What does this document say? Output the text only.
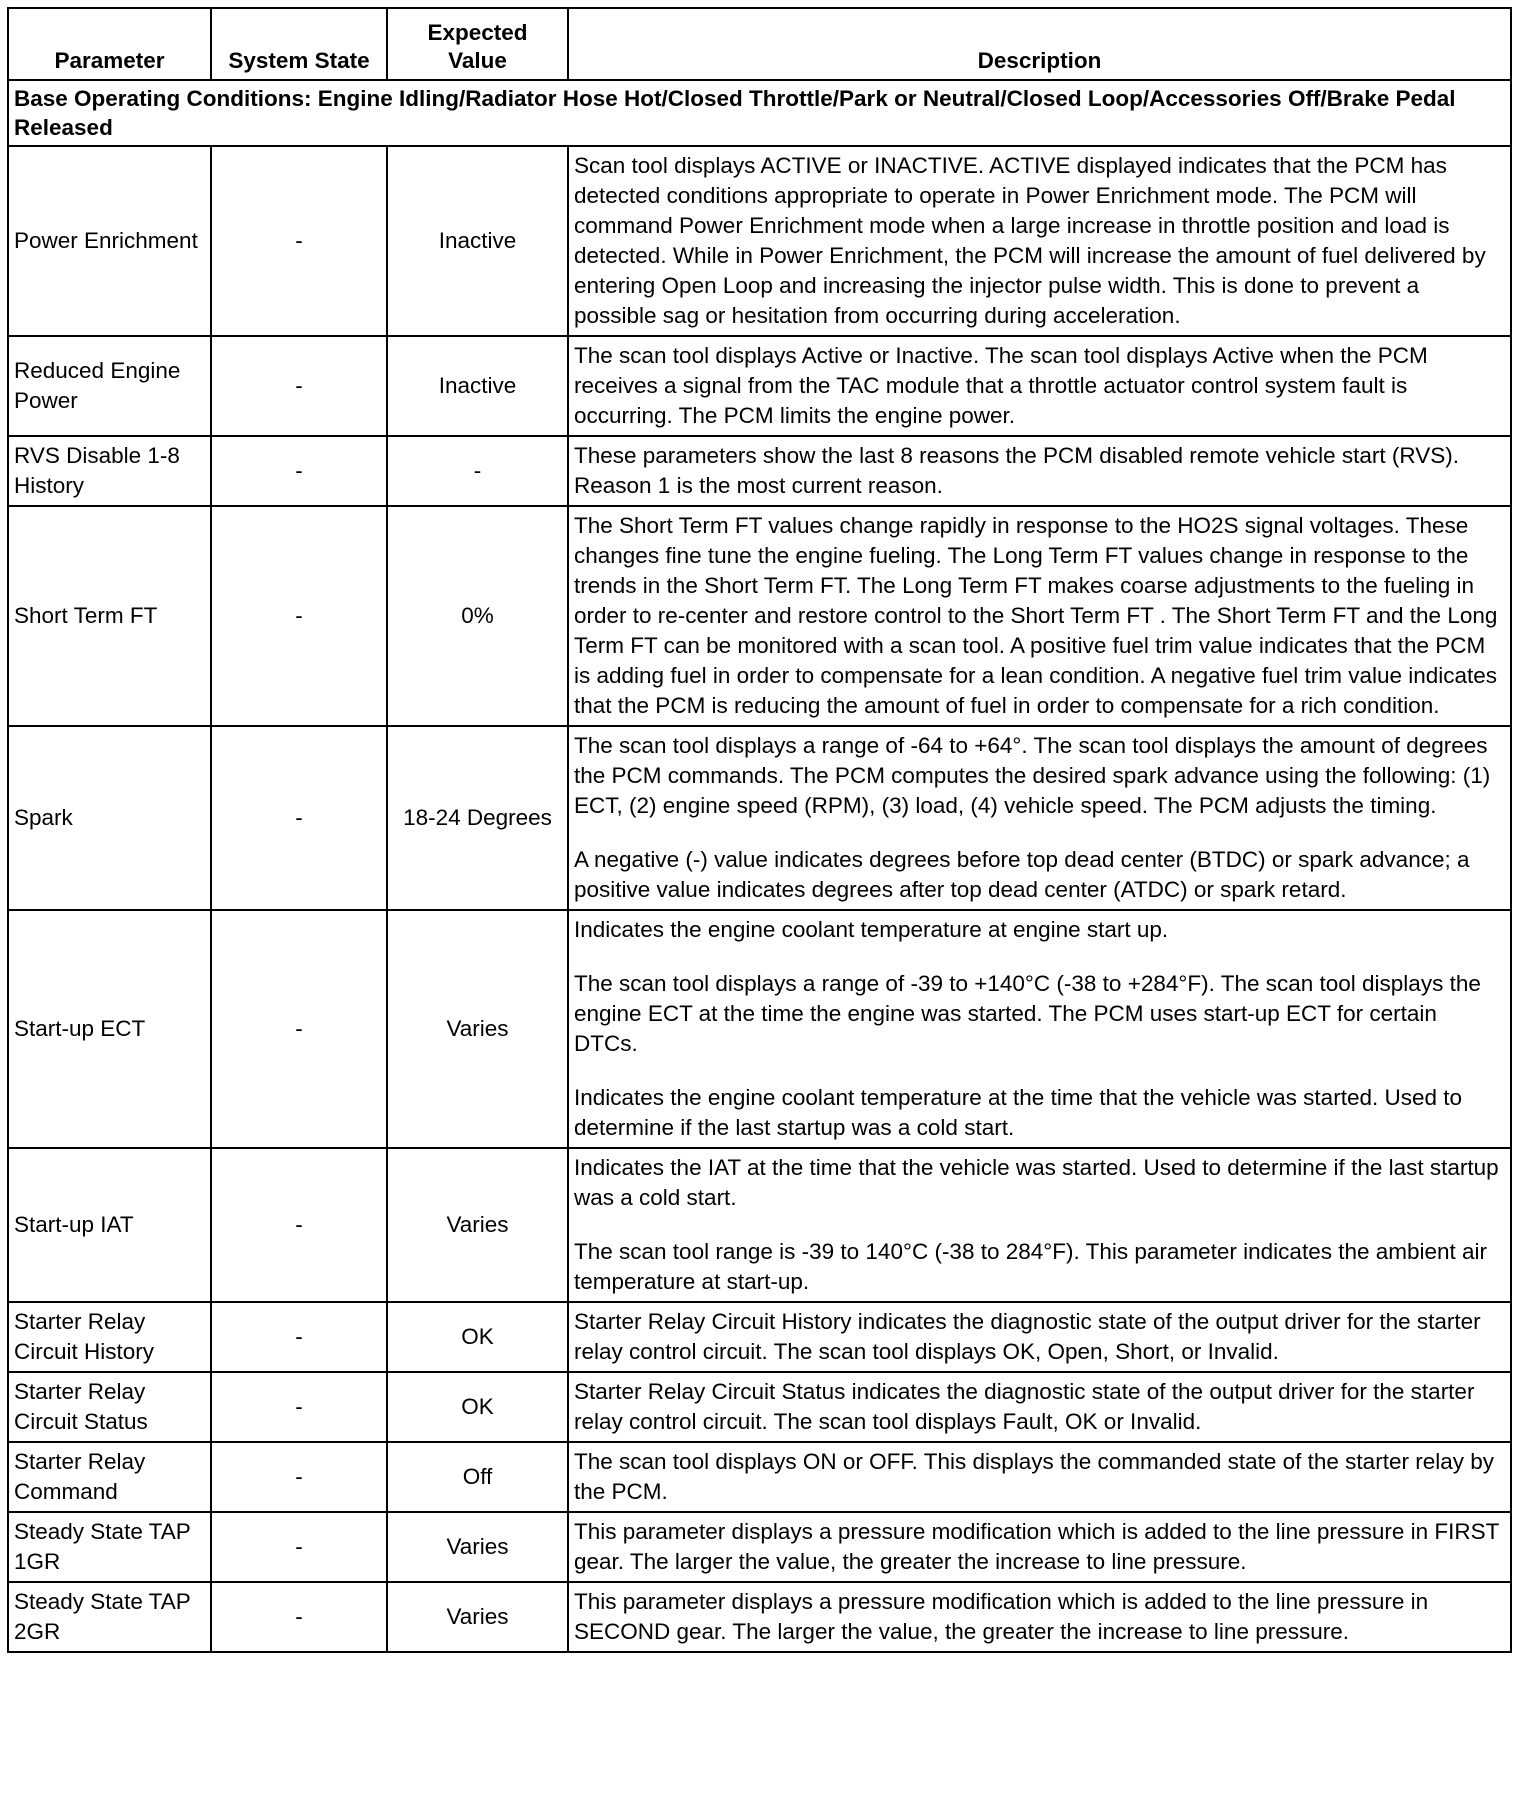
Parameter	System State	Expected Value	Description
Base Operating Conditions: Engine Idling/Radiator Hose Hot/Closed Throttle/Park or Neutral/Closed Loop/Accessories Off/Brake Pedal Released			
Power Enrichment	-	Inactive	Scan tool displays ACTIVE or INACTIVE. ACTIVE displayed indicates that the PCM has detected conditions appropriate to operate in Power Enrichment mode. The PCM will command Power Enrichment mode when a large increase in throttle position and load is detected. While in Power Enrichment, the PCM will increase the amount of fuel delivered by entering Open Loop and increasing the injector pulse width. This is done to prevent a possible sag or hesitation from occurring during acceleration.

Reduced Engine Power	-	Inactive	The scan tool displays Active or Inactive. The scan tool displays Active when the PCM receives a signal from the TAC module that a throttle actuator control system fault is occurring. The PCM limits the engine power.

RVS Disable 1-8 History	-	-	These parameters show the last 8 reasons the PCM disabled remote vehicle start (RVS). Reason 1 is the most current reason.

Short Term FT	-	0%	The Short Term FT values change rapidly in response to the HO2S signal voltages. These changes fine tune the engine fueling. The Long Term FT values change in response to the trends in the Short Term FT. The Long Term FT makes coarse adjustments to the fueling in order to re-center and restore control to the Short Term FT . The Short Term FT and the Long Term FT can be monitored with a scan tool. A positive fuel trim value indicates that the PCM is adding fuel in order to compensate for a lean condition. A negative fuel trim value indicates that the PCM is reducing the amount of fuel in order to compensate for a rich condition.

Spark	-	18-24 Degrees	The scan tool displays a range of -64 to +64°. The scan tool displays the amount of degrees the PCM commands. The PCM computes the desired spark advance using the following: (1) ECT, (2) engine speed (RPM), (3) load, (4) vehicle speed. The PCM adjusts the timing.

A negative (-) value indicates degrees before top dead center (BTDC) or spark advance; a positive value indicates degrees after top dead center (ATDC) or spark retard.

Start-up ECT	-	Varies	Indicates the engine coolant temperature at engine start up.

The scan tool displays a range of -39 to +140°C (-38 to +284°F). The scan tool displays the engine ECT at the time the engine was started. The PCM uses start-up ECT for certain DTCs.

Indicates the engine coolant temperature at the time that the vehicle was started. Used to determine if the last startup was a cold start.

Start-up IAT	-	Varies	Indicates the IAT at the time that the vehicle was started. Used to determine if the last startup was a cold start.

The scan tool range is -39 to 140°C (-38 to 284°F). This parameter indicates the ambient air temperature at start-up.

Starter Relay Circuit History	-	OK	Starter Relay Circuit History indicates the diagnostic state of the output driver for the starter relay control circuit. The scan tool displays OK, Open, Short, or Invalid.

Starter Relay Circuit Status	-	OK	Starter Relay Circuit Status indicates the diagnostic state of the output driver for the starter relay control circuit. The scan tool displays Fault, OK or Invalid.

Starter Relay Command	-	Off	The scan tool displays ON or OFF. This displays the commanded state of the starter relay by the PCM.

Steady State TAP 1GR	-	Varies	This parameter displays a pressure modification which is added to the line pressure in FIRST gear. The larger the value, the greater the increase to line pressure.

Steady State TAP 2GR	-	Varies	This parameter displays a pressure modification which is added to the line pressure in SECOND gear. The larger the value, the greater the increase to line pressure.
